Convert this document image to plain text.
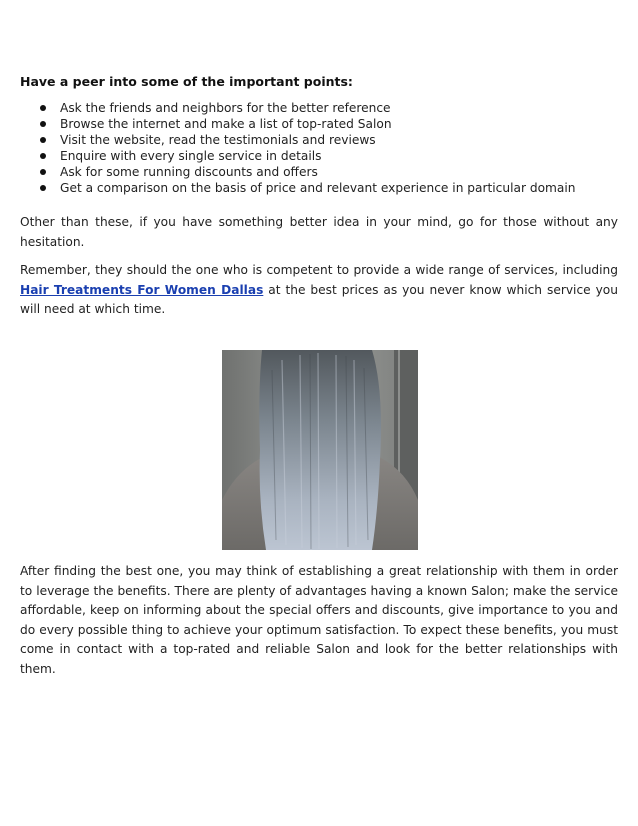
Have a peer into some of the important points:
Ask the friends and neighbors for the better reference
Browse the internet and make a list of top-rated Salon
Visit the website, read the testimonials and reviews
Enquire with every single service in details
Ask for some running discounts and offers
Get a comparison on the basis of price and relevant experience in particular domain

Other than these, if you have something better idea in your mind, go for those without any hesitation.

Remember, they should the one who is competent to provide a wide range of services, including Hair Treatments For Women Dallas at the best prices as you never know which service you will need at which time.

After finding the best one, you may think of establishing a great relationship with them in order to leverage the benefits. There are plenty of advantages having a known Salon; make the service affordable, keep on informing about the special offers and discounts, give importance to you and do every possible thing to achieve your optimum satisfaction. To expect these benefits, you must come in contact with a top-rated and reliable Salon and look for the better relationships with them.
